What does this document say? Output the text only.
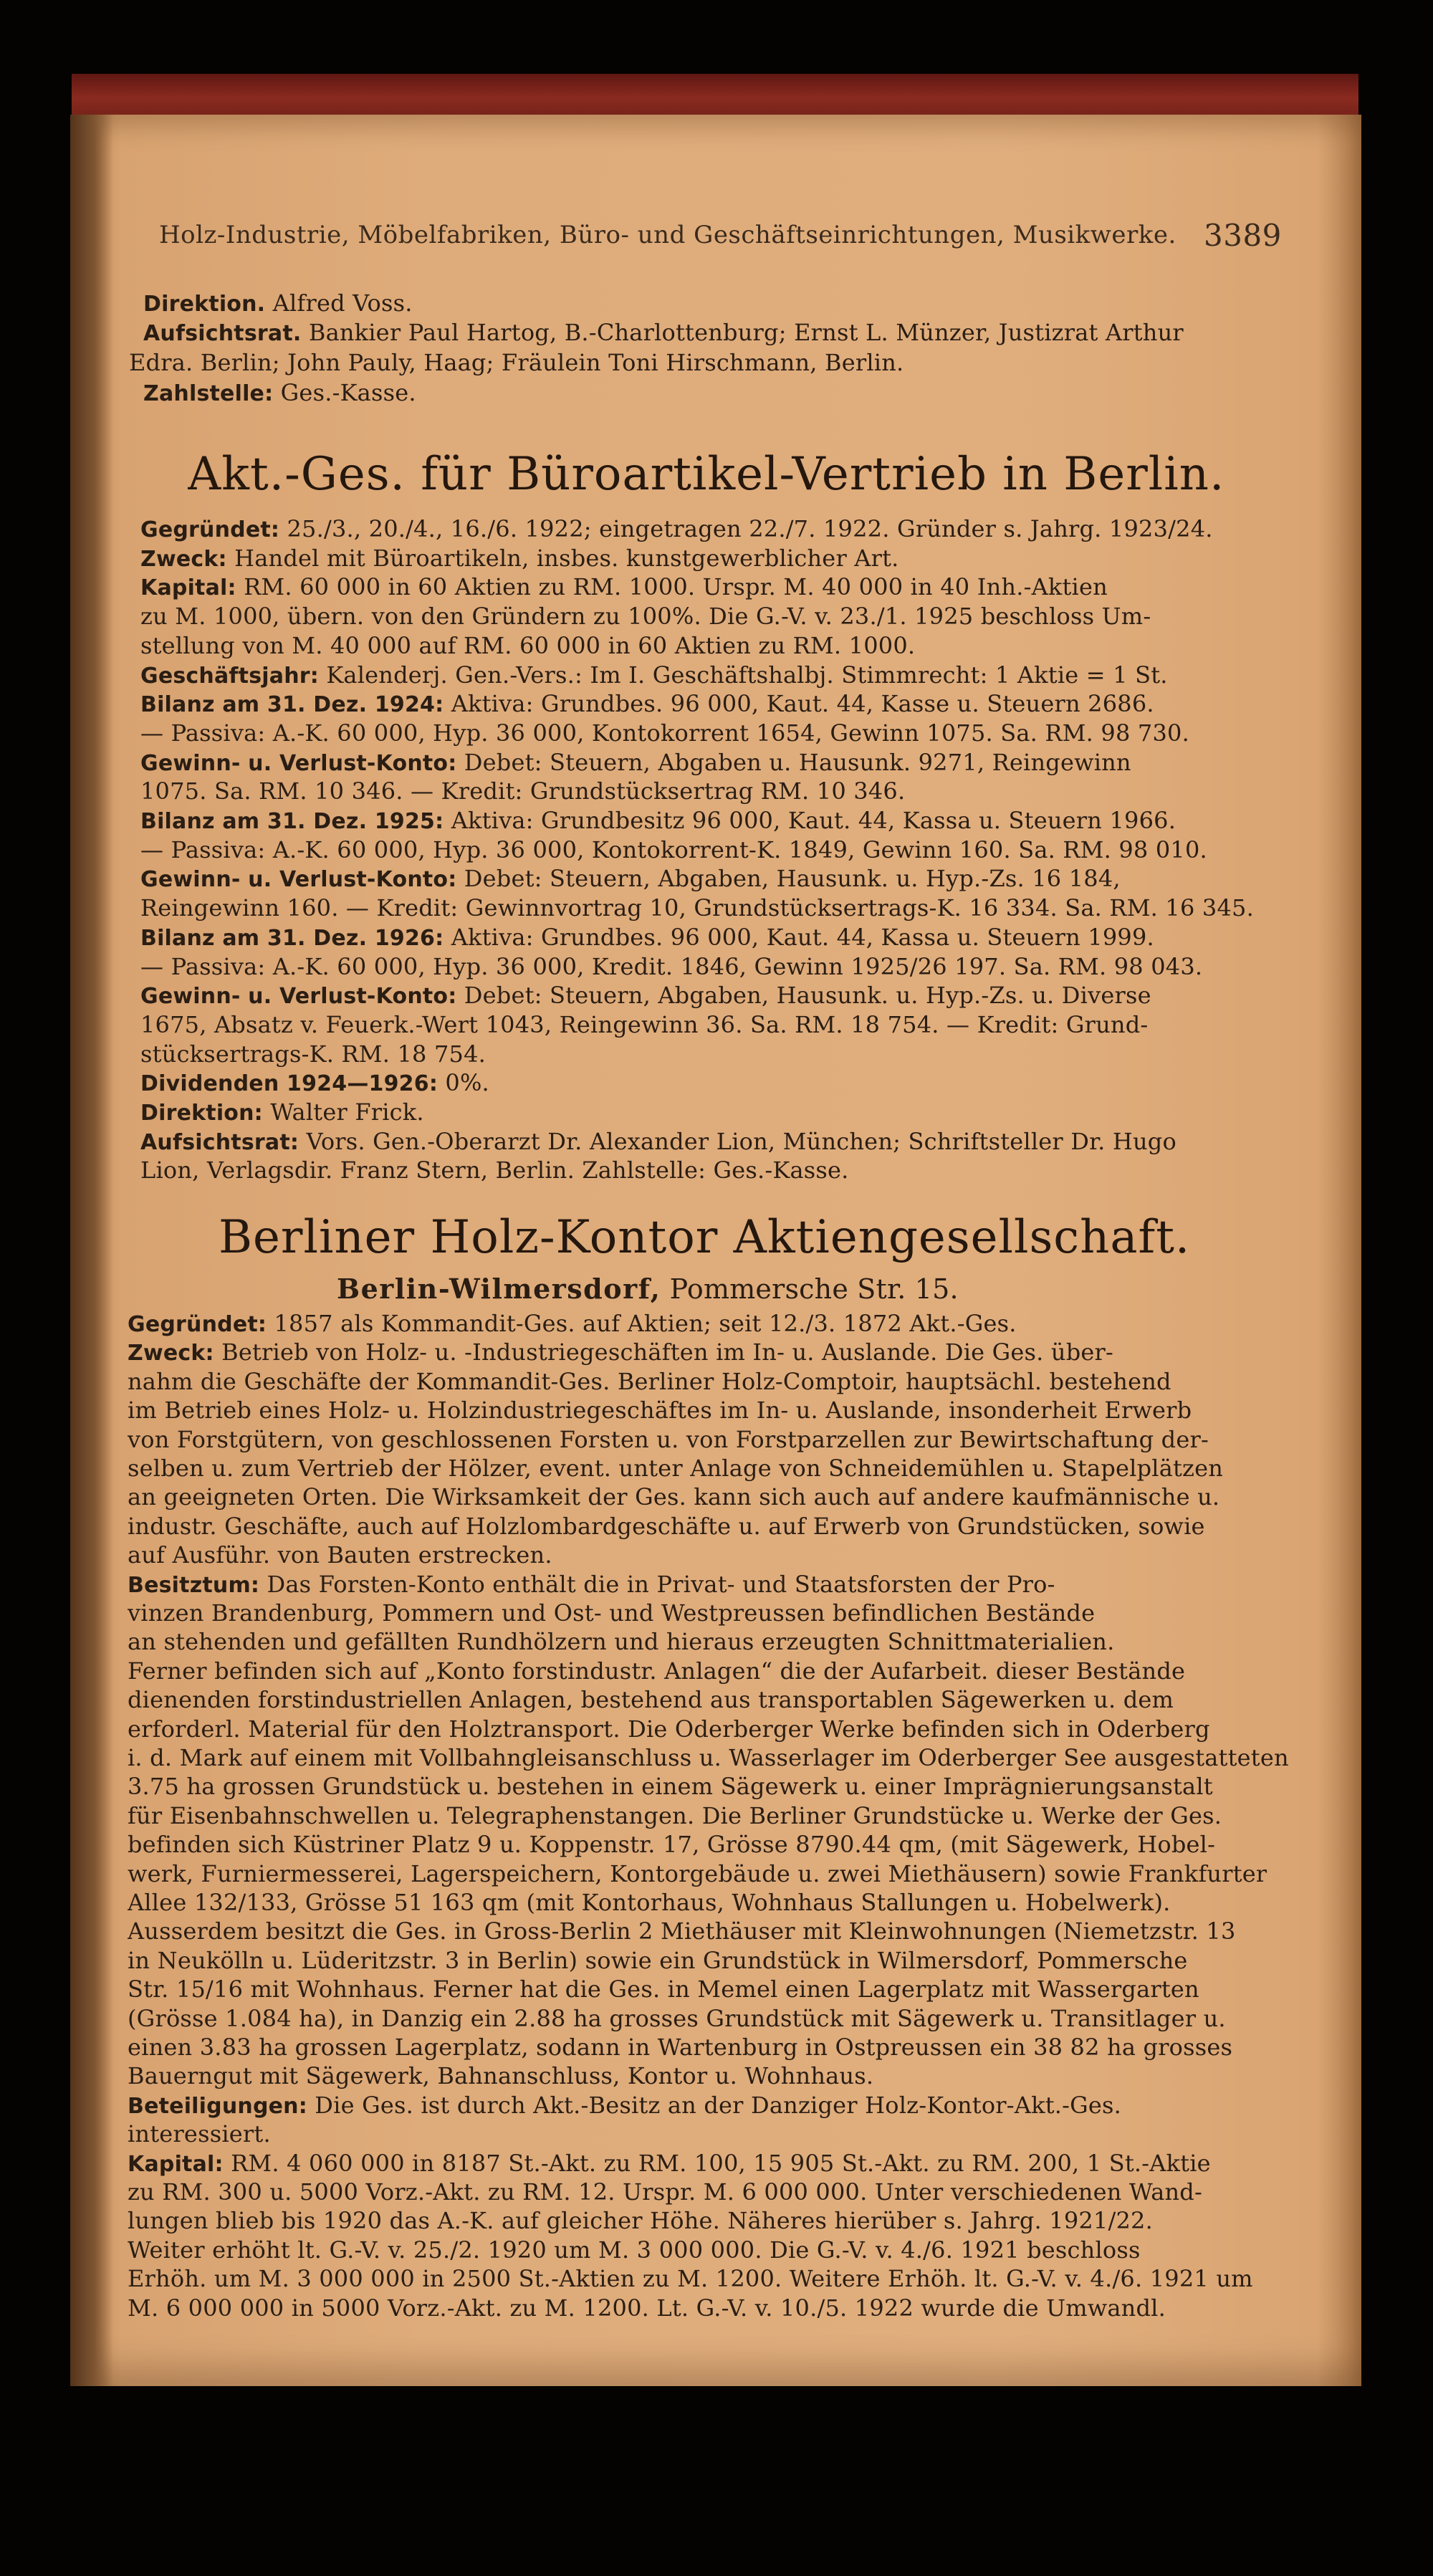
Holz-Industrie, Möbelfabriken, Büro- und Geschäftseinrichtungen, Musikwerke. 3389
Direktion. Alfred Voss.
Aufsichtsrat. Bankier Paul Hartog, B.-Charlottenburg; Ernst L. Münzer, Justizrat Arthur
Edra. Berlin; John Pauly, Haag; Fräulein Toni Hirschmann, Berlin.
Zahlstelle: Ges.-Kasse.
Akt.-Ges. für Büroartikel-Vertrieb in Berlin.
Gegründet: 25./3., 20./4., 16./6. 1922; eingetragen 22./7. 1922. Gründer s. Jahrg. 1923/24.
Zweck: Handel mit Büroartikeln, insbes. kunstgewerblicher Art.
Kapital: RM. 60 000 in 60 Aktien zu RM. 1000. Urspr. M. 40 000 in 40 Inh.-Aktien
zu M. 1000, übern. von den Gründern zu 100%. Die G.-V. v. 23./1. 1925 beschloss Um-
stellung von M. 40 000 auf RM. 60 000 in 60 Aktien zu RM. 1000.
Geschäftsjahr: Kalenderj. Gen.-Vers.: Im I. Geschäftshalbj. Stimmrecht: 1 Aktie = 1 St.
Bilanz am 31. Dez. 1924: Aktiva: Grundbes. 96 000, Kaut. 44, Kasse u. Steuern 2686.
— Passiva: A.-K. 60 000, Hyp. 36 000, Kontokorrent 1654, Gewinn 1075. Sa. RM. 98 730.
Gewinn- u. Verlust-Konto: Debet: Steuern, Abgaben u. Hausunk. 9271, Reingewinn
1075. Sa. RM. 10 346. — Kredit: Grundstücksertrag RM. 10 346.
Bilanz am 31. Dez. 1925: Aktiva: Grundbesitz 96 000, Kaut. 44, Kassa u. Steuern 1966.
— Passiva: A.-K. 60 000, Hyp. 36 000, Kontokorrent-K. 1849, Gewinn 160. Sa. RM. 98 010.
Gewinn- u. Verlust-Konto: Debet: Steuern, Abgaben, Hausunk. u. Hyp.-Zs. 16 184,
Reingewinn 160. — Kredit: Gewinnvortrag 10, Grundstücksertrags-K. 16 334. Sa. RM. 16 345.
Bilanz am 31. Dez. 1926: Aktiva: Grundbes. 96 000, Kaut. 44, Kassa u. Steuern 1999.
— Passiva: A.-K. 60 000, Hyp. 36 000, Kredit. 1846, Gewinn 1925/26 197. Sa. RM. 98 043.
Gewinn- u. Verlust-Konto: Debet: Steuern, Abgaben, Hausunk. u. Hyp.-Zs. u. Diverse
1675, Absatz v. Feuerk.-Wert 1043, Reingewinn 36. Sa. RM. 18 754. — Kredit: Grund-
stücksertrags-K. RM. 18 754.
Dividenden 1924—1926: 0%.
Direktion: Walter Frick.
Aufsichtsrat: Vors. Gen.-Oberarzt Dr. Alexander Lion, München; Schriftsteller Dr. Hugo
Lion, Verlagsdir. Franz Stern, Berlin. Zahlstelle: Ges.-Kasse.
Berliner Holz-Kontor Aktiengesellschaft.
Berlin-Wilmersdorf, Pommersche Str. 15.
Gegründet: 1857 als Kommandit-Ges. auf Aktien; seit 12./3. 1872 Akt.-Ges.
Zweck: Betrieb von Holz- u. -Industriegeschäften im In- u. Auslande. Die Ges. über-
nahm die Geschäfte der Kommandit-Ges. Berliner Holz-Comptoir, hauptsächl. bestehend
im Betrieb eines Holz- u. Holzindustriegeschäftes im In- u. Auslande, insonderheit Erwerb
von Forstgütern, von geschlossenen Forsten u. von Forstparzellen zur Bewirtschaftung der-
selben u. zum Vertrieb der Hölzer, event. unter Anlage von Schneidemühlen u. Stapelplätzen
an geeigneten Orten. Die Wirksamkeit der Ges. kann sich auch auf andere kaufmännische u.
industr. Geschäfte, auch auf Holzlombardgeschäfte u. auf Erwerb von Grundstücken, sowie
auf Ausführ. von Bauten erstrecken.
Besitztum: Das Forsten-Konto enthält die in Privat- und Staatsforsten der Pro-
vinzen Brandenburg, Pommern und Ost- und Westpreussen befindlichen Bestände
an stehenden und gefällten Rundhölzern und hieraus erzeugten Schnittmaterialien.
Ferner befinden sich auf „Konto forstindustr. Anlagen“ die der Aufarbeit. dieser Bestände
dienenden forstindustriellen Anlagen, bestehend aus transportablen Sägewerken u. dem
erforderl. Material für den Holztransport. Die Oderberger Werke befinden sich in Oderberg
i. d. Mark auf einem mit Vollbahngleisanschluss u. Wasserlager im Oderberger See ausgestatteten
3.75 ha grossen Grundstück u. bestehen in einem Sägewerk u. einer Imprägnierungsanstalt
für Eisenbahnschwellen u. Telegraphenstangen. Die Berliner Grundstücke u. Werke der Ges.
befinden sich Küstriner Platz 9 u. Koppenstr. 17, Grösse 8790.44 qm, (mit Sägewerk, Hobel-
werk, Furniermesserei, Lagerspeichern, Kontorgebäude u. zwei Miethäusern) sowie Frankfurter
Allee 132/133, Grösse 51 163 qm (mit Kontorhaus, Wohnhaus Stallungen u. Hobelwerk).
Ausserdem besitzt die Ges. in Gross-Berlin 2 Miethäuser mit Kleinwohnungen (Niemetzstr. 13
in Neukölln u. Lüderitzstr. 3 in Berlin) sowie ein Grundstück in Wilmersdorf, Pommersche
Str. 15/16 mit Wohnhaus. Ferner hat die Ges. in Memel einen Lagerplatz mit Wassergarten
(Grösse 1.084 ha), in Danzig ein 2.88 ha grosses Grundstück mit Sägewerk u. Transitlager u.
einen 3.83 ha grossen Lagerplatz, sodann in Wartenburg in Ostpreussen ein 38 82 ha grosses
Bauerngut mit Sägewerk, Bahnanschluss, Kontor u. Wohnhaus.
Beteiligungen: Die Ges. ist durch Akt.-Besitz an der Danziger Holz-Kontor-Akt.-Ges.
interessiert.
Kapital: RM. 4 060 000 in 8187 St.-Akt. zu RM. 100, 15 905 St.-Akt. zu RM. 200, 1 St.-Aktie
zu RM. 300 u. 5000 Vorz.-Akt. zu RM. 12. Urspr. M. 6 000 000. Unter verschiedenen Wand-
lungen blieb bis 1920 das A.-K. auf gleicher Höhe. Näheres hierüber s. Jahrg. 1921/22.
Weiter erhöht lt. G.-V. v. 25./2. 1920 um M. 3 000 000. Die G.-V. v. 4./6. 1921 beschloss
Erhöh. um M. 3 000 000 in 2500 St.-Aktien zu M. 1200. Weitere Erhöh. lt. G.-V. v. 4./6. 1921 um
M. 6 000 000 in 5000 Vorz.-Akt. zu M. 1200. Lt. G.-V. v. 10./5. 1922 wurde die Umwandl.
